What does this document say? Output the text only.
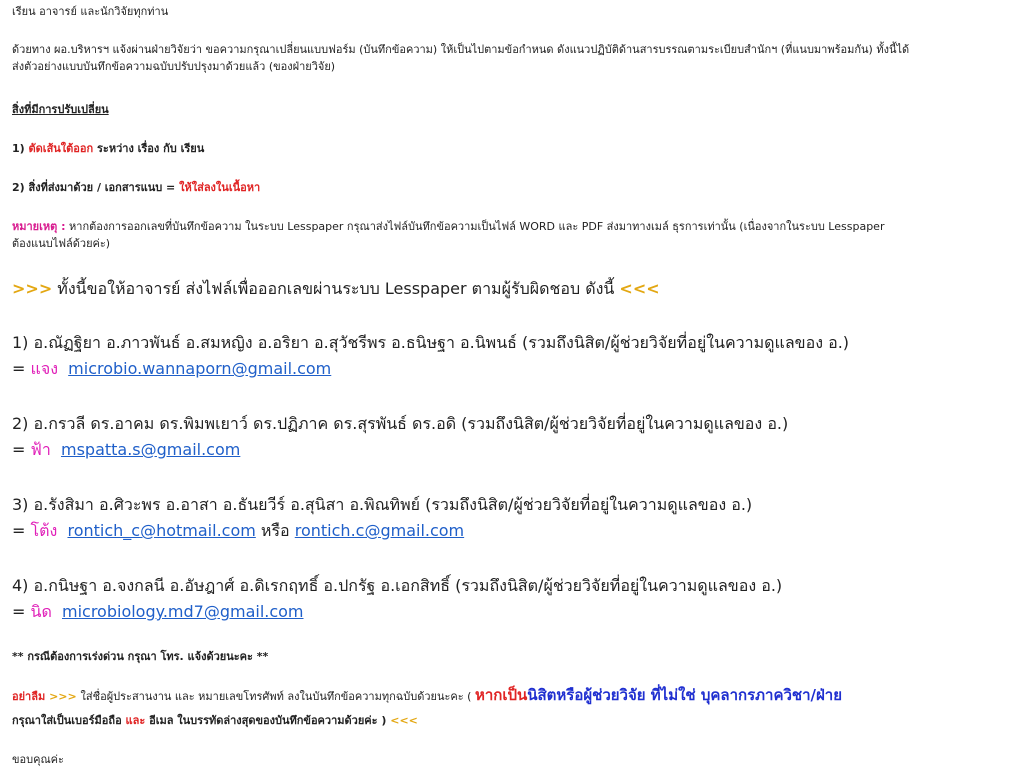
เรียน อาจารย์ และนักวิจัยทุกท่าน
ด้วยทาง ผอ.บริหารฯ แจ้งผ่านฝ่ายวิจัยว่า ขอความกรุณาเปลี่ยนแบบฟอร์ม (บันทึกข้อความ) ให้เป็นไปตามข้อกำหนด ดังแนวปฏิบัติด้านสารบรรณตามระเบียบสำนักฯ (ที่แนบมาพร้อมกัน) ทั้งนี้ได้
ส่งตัวอย่างแบบบันทึกข้อความฉบับปรับปรุงมาด้วยแล้ว (ของฝ่ายวิจัย)
สิ่งที่มีการปรับเปลี่ยน
1) ตัดเส้นใต้ออก ระหว่าง เรื่อง กับ เรียน
2) สิ่งที่ส่งมาด้วย / เอกสารแนบ = ให้ใส่ลงในเนื้อหา
หมายเหตุ : หากต้องการออกเลขที่บันทึกข้อความ ในระบบ Lesspaper กรุณาส่งไฟล์บันทึกข้อความเป็นไฟล์ WORD และ PDF ส่งมาทางเมล์ ธุรการเท่านั้น (เนื่องจากในระบบ Lesspaper
ต้องแนบไฟล์ด้วยค่ะ)
>>> ทั้งนี้ขอให้อาจารย์ ส่งไฟล์เพื่อออกเลขผ่านระบบ Lesspaper ตามผู้รับผิดชอบ ดังนี้ <<<
1) อ.ณัฏฐิยา อ.ภาวพันธ์ อ.สมหญิง อ.อริยา อ.สุวัชรีพร อ.ธนิษฐา อ.นิพนธ์ (รวมถึงนิสิต/ผู้ช่วยวิจัยที่อยู่ในความดูแลของ อ.)
= แจง microbio.wannaporn@gmail.com
2) อ.กรวลี ดร.อาคม ดร.พิมพเยาว์ ดร.ปฏิภาค ดร.สุรพันธ์ ดร.อดิ (รวมถึงนิสิต/ผู้ช่วยวิจัยที่อยู่ในความดูแลของ อ.)
= ฟ้า mspatta.s@gmail.com
3) อ.รังสิมา อ.ศิวะพร อ.อาสา อ.ธันยวีร์ อ.สุนิสา อ.พิณทิพย์ (รวมถึงนิสิต/ผู้ช่วยวิจัยที่อยู่ในความดูแลของ อ.)
= โต้ง rontich_c@hotmail.com หรือ rontich.c@gmail.com
4) อ.กนิษฐา อ.จงกลนี อ.อัษฎาศ์ อ.ดิเรกฤทธิ์ อ.ปกรัฐ อ.เอกสิทธิ์ (รวมถึงนิสิต/ผู้ช่วยวิจัยที่อยู่ในความดูแลของ อ.)
= นิด microbiology.md7@gmail.com
** กรณีต้องการเร่งด่วน กรุณา โทร. แจ้งด้วยนะคะ **
อย่าลืม >>> ใส่ชื่อผู้ประสานงาน และ หมายเลขโทรศัพท์ ลงในบันทึกข้อความทุกฉบับด้วยนะคะ ( หากเป็นนิสิตหรือผู้ช่วยวิจัย ที่ไม่ใช่ บุคลากรภาควิชา/ฝ่าย
กรุณาใส่เป็นเบอร์มือถือ และ อีเมล ในบรรทัดล่างสุดของบันทึกข้อความด้วยค่ะ ) <<<
ขอบคุณค่ะ
